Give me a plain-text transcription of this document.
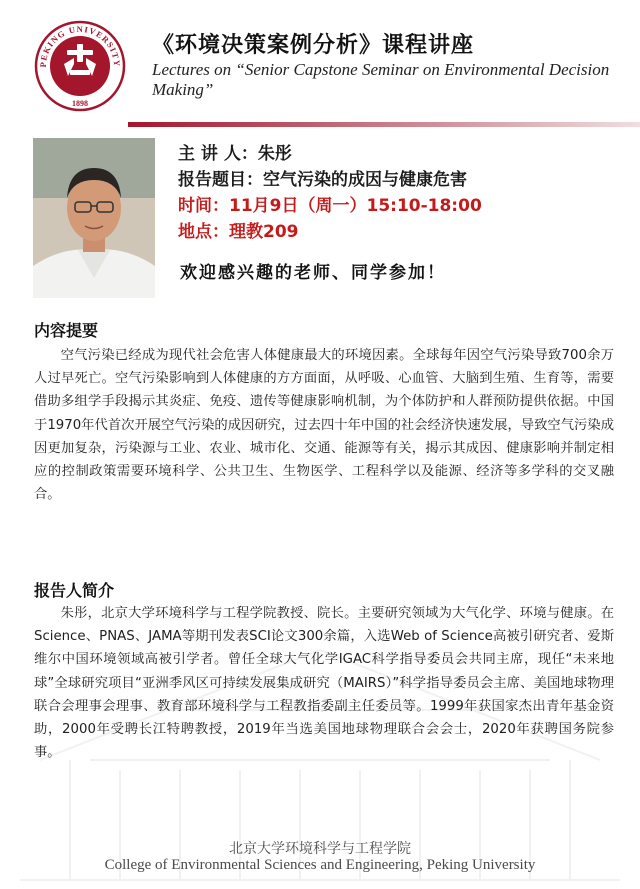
PEKING UNIVERSITY
1898
《环境决策案例分析》课程讲座
Lectures on “Senior Capstone Seminar on Environmental Decision Making”
主 讲 人：朱彤
报告题目：空气污染的成因与健康危害
时间：11月9日（周一）15:10-18:00
地点：理教209
欢迎感兴趣的老师、同学参加！
内容提要
空气污染已经成为现代社会危害人体健康最大的环境因素。全球每年因空气污染导致700余万人过早死亡。空气污染影响到人体健康的方方面面，从呼吸、心血管、大脑到生殖、生育等，需要借助多组学手段揭示其炎症、免疫、遗传等健康影响机制，为个体防护和人群预防提供依据。中国于1970年代首次开展空气污染的成因研究，过去四十年中国的社会经济快速发展，导致空气污染成因更加复杂，污染源与工业、农业、城市化、交通、能源等有关，揭示其成因、健康影响并制定相应的控制政策需要环境科学、公共卫生、生物医学、工程科学以及能源、经济等多学科的交叉融合。
报告人简介
朱彤，北京大学环境科学与工程学院教授、院长。主要研究领域为大气化学、环境与健康。在Science、PNAS、JAMA等期刊发表SCI论文300余篇，入选Web of Science高被引研究者、爱斯维尔中国环境领域高被引学者。曾任全球大气化学IGAC科学指导委员会共同主席，现任“未来地球”全球研究项目“亚洲季风区可持续发展集成研究（MAIRS）”科学指导委员会主席、美国地球物理联合会理事会理事、教育部环境科学与工程教指委副主任委员等。1999年获国家杰出青年基金资助，2000年受聘长江特聘教授，2019年当选美国地球物理联合会会士，2020年获聘国务院参事。
北京大学环境科学与工程学院
College of Environmental Sciences and Engineering, Peking University
